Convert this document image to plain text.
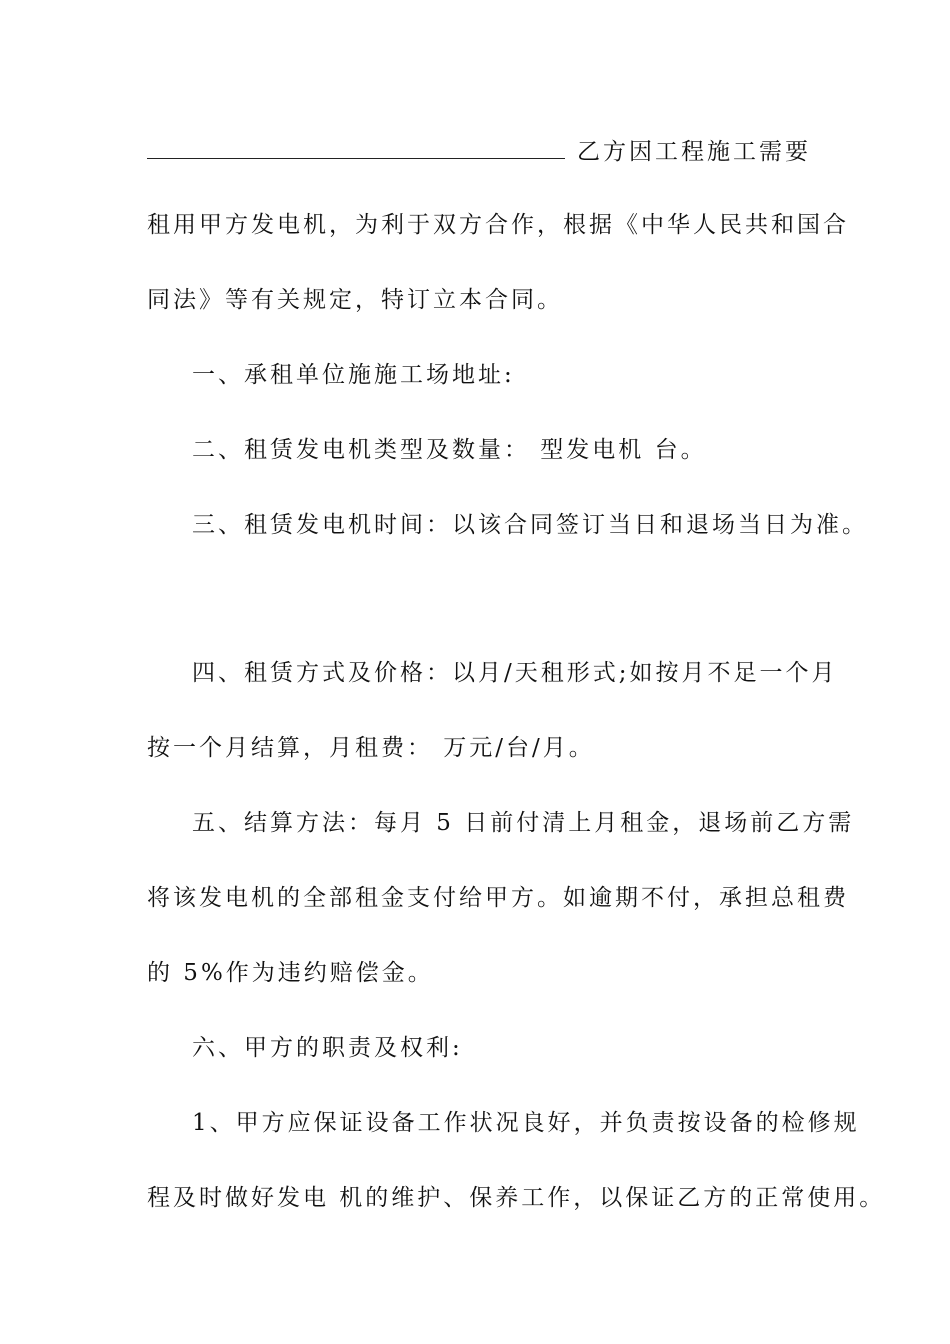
乙方因工程施工需要
租用甲方发电机，为利于双方合作，根据《中华人民共和国合
同法》等有关规定，特订立本合同。
一、承租单位施施工场地址:
二、租赁发电机类型及数量： 型发电机 台。
三、租赁发电机时间：以该合同签订当日和退场当日为准。
四、租赁方式及价格：以月/天租形式;如按月不足一个月
按一个月结算，月租费： 万元/台/月。
五、结算方法：每月 5 日前付清上月租金，退场前乙方需
将该发电机的全部租金支付给甲方。如逾期不付，承担总租费
的 5%作为违约赔偿金。
六、甲方的职责及权利:
1、甲方应保证设备工作状况良好，并负责按设备的检修规
程及时做好发电 机的维护、保养工作，以保证乙方的正常使用。
